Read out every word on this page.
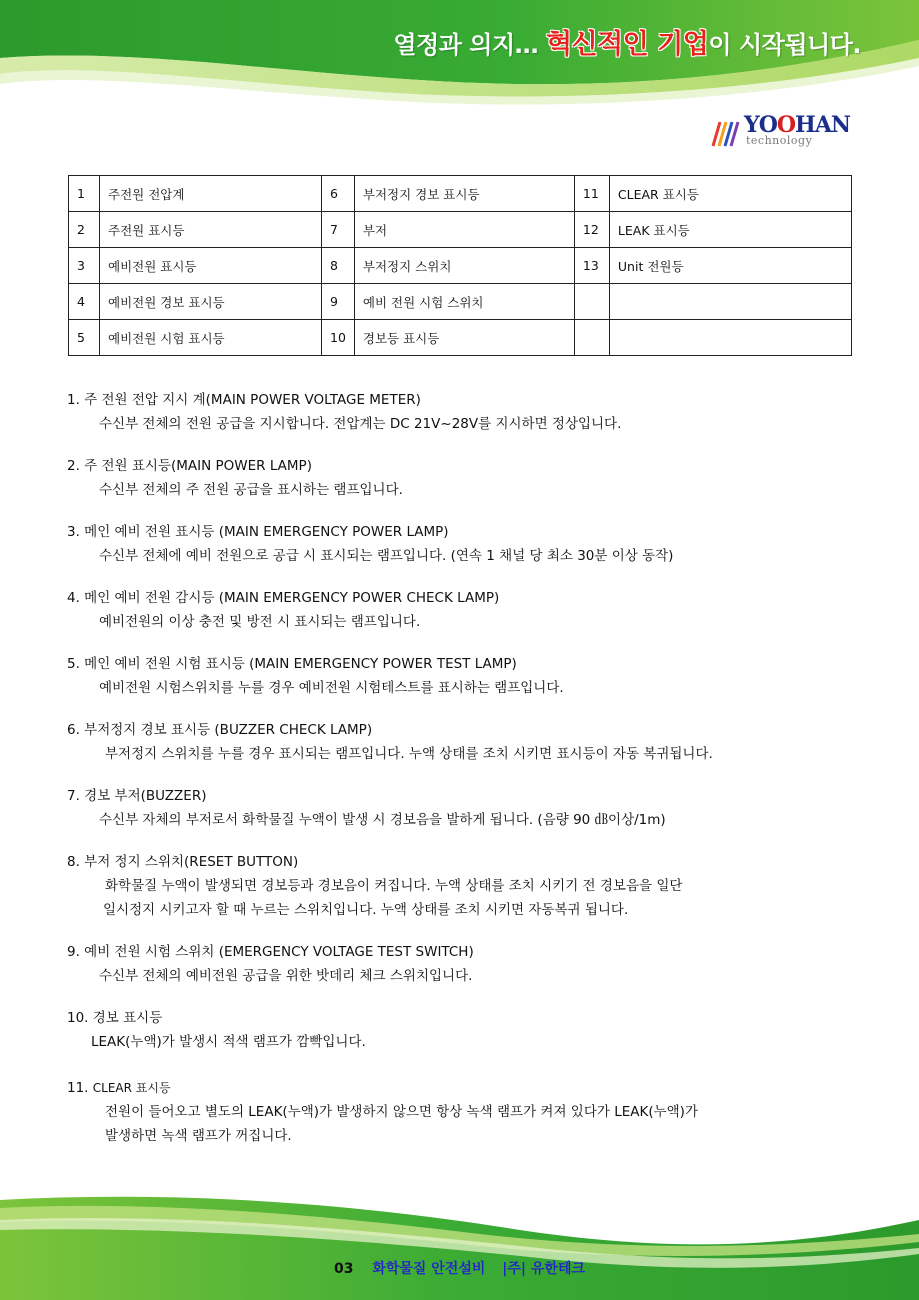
열정과 의지… 혁신적인 기업이 시작됩니다.
YOOHAN
technology
1	주전원 전압계	6	부저정지 경보 표시등	11	CLEAR 표시등
2	주전원 표시등	7	부저	12	LEAK 표시등
3	예비전원 표시등	8	부저정지 스위치	13	Unit 전원등
4	예비전원 경보 표시등	9	예비 전원 시험 스위치		
5	예비전원 시험 표시등	10	경보등 표시등		
1. 주 전원 전압 지시 계(MAIN POWER VOLTAGE METER)
수신부 전체의 전원 공급을 지시합니다. 전압계는 DC 21V~28V를 지시하면 정상입니다.
2. 주 전원 표시등(MAIN POWER LAMP)
수신부 전체의 주 전원 공급을 표시하는 램프입니다.
3. 메인 예비 전원 표시등 (MAIN EMERGENCY POWER LAMP)
수신부 전체에 예비 전원으로 공급 시 표시되는 램프입니다. (연속 1 채널 당 최소 30분 이상 동작)
4. 메인 예비 전원 감시등 (MAIN EMERGENCY POWER CHECK LAMP)
예비전원의 이상 충전 및 방전 시 표시되는 램프입니다.
5. 메인 예비 전원 시험 표시등 (MAIN EMERGENCY POWER TEST LAMP)
예비전원 시험스위치를 누를 경우 예비전원 시험테스트를 표시하는 램프입니다.
6. 부저정지 경보 표시등 (BUZZER CHECK LAMP)
부저정지 스위치를 누를 경우 표시되는 램프입니다. 누액 상태를 조치 시키면 표시등이 자동 복귀됩니다.
7. 경보 부저(BUZZER)
수신부 자체의 부저로서 화학물질 누액이 발생 시 경보음을 발하게 됩니다. (음량 90 ㏈이상/1m)
8. 부저 정지 스위치(RESET BUTTON)
화학물질 누액이 발생되면 경보등과 경보음이 켜집니다. 누액 상태를 조치 시키기 전 경보음을 일단
일시정지 시키고자 할 때 누르는 스위치입니다. 누액 상태를 조치 시키면 자동복귀 됩니다.
9. 예비 전원 시험 스위치 (EMERGENCY VOLTAGE TEST SWITCH)
수신부 전체의 예비전원 공급을 위한 밧데리 체크 스위치입니다.
10. 경보 표시등
LEAK(누액)가 발생시 적색 램프가 깜빡입니다.
11. CLEAR 표시등
전원이 들어오고 별도의 LEAK(누액)가 발생하지 않으면 항상 녹색 램프가 켜져 있다가 LEAK(누액)가
발생하면 녹색 램프가 꺼집니다.
03 화학물질 안전설비 |주| 유한테크
